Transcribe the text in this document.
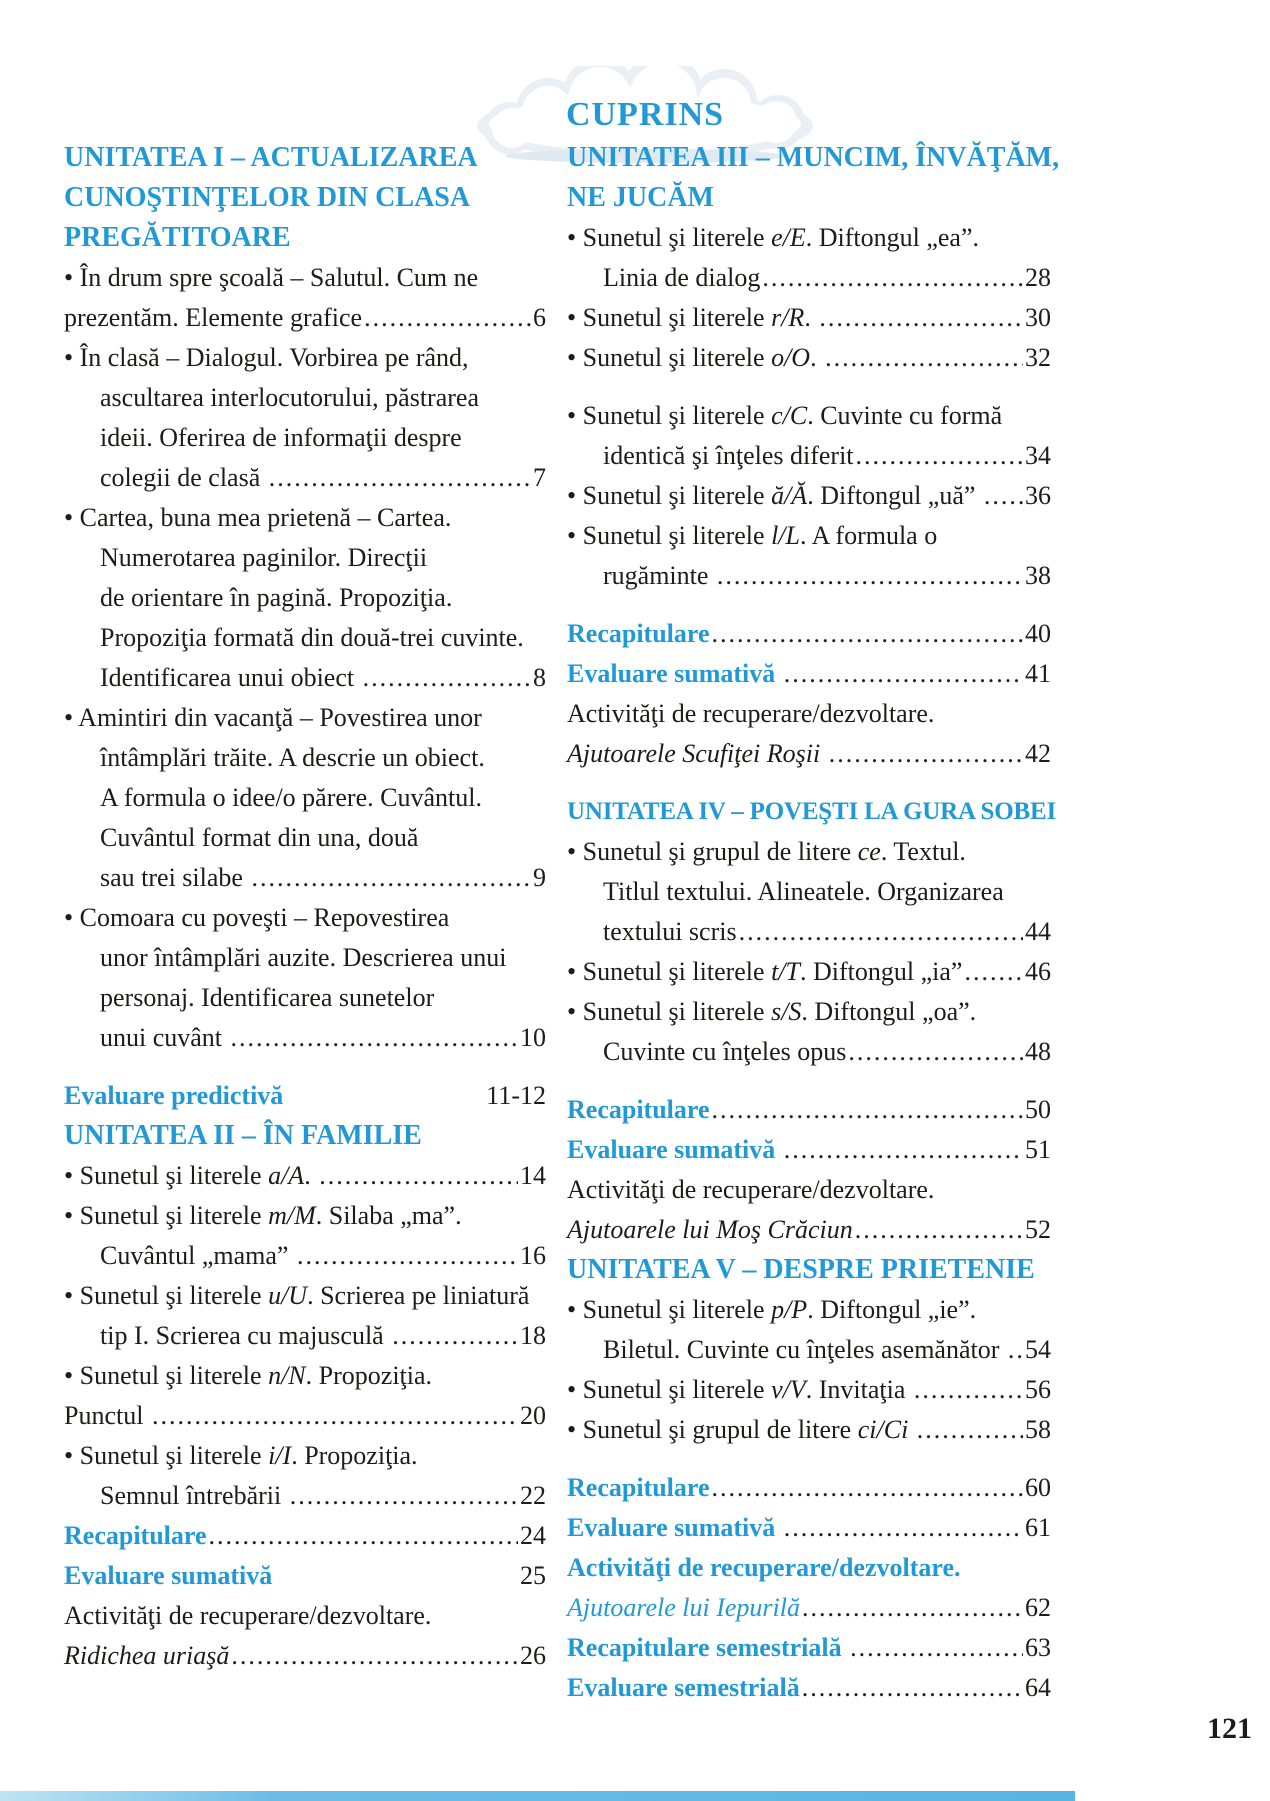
CUPRINS
UNITATEA I – ACTUALIZAREA
CUNOŞTINŢELOR DIN CLASA
PREGĂTITOARE
• În drum spre şcoală – Salutul. Cum ne
prezentăm. Elemente grafice .....	6
• În clasă – Dialogul. Vorbirea pe rând,
ascultarea interlocutorului, păstrarea
ideii. Oferirea de informaţii despre
colegii de clasă .....	7
• Cartea, buna mea prietenă – Cartea.
Numerotarea paginilor. Direcţii
de orientare în pagină. Propoziţia.
Propoziţia formată din două-trei cuvinte.
Identificarea unui obiect .....	8
• Amintiri din vacanţă – Povestirea unor
întâmplări trăite. A descrie un obiect.
A formula o idee/o părere. Cuvântul.
Cuvântul format din una, două
sau trei silabe .....	9
• Comoara cu poveşti – Repovestirea
unor întâmplări auzite. Descrierea unui
personaj. Identificarea sunetelor
unui cuvânt .....	10
Evaluare predictivă	11-12
UNITATEA II – ÎN FAMILIE
• Sunetul şi literele a/A. .....	14
• Sunetul şi literele m/M. Silaba „ma”.
Cuvântul „mama” .....	16
• Sunetul şi literele u/U. Scrierea pe liniatură
tip I. Scrierea cu majusculă .....	18
• Sunetul şi literele n/N. Propoziţia.
Punctul .....	20
• Sunetul şi literele i/I. Propoziţia.
Semnul întrebării .....	22
Recapitulare .....	24
Evaluare sumativă	25
Activităţi de recuperare/dezvoltare.
Ridichea uriaşă .....	26
UNITATEA III – MUNCIM, ÎNVĂŢĂM,
NE JUCĂM
• Sunetul şi literele e/E. Diftongul „ea”.
Linia de dialog .....	28
• Sunetul şi literele r/R. .....	30
• Sunetul şi literele o/O. .....	32
• Sunetul şi literele c/C. Cuvinte cu formă
identică şi înţeles diferit .....	34
• Sunetul şi literele ă/Ă. Diftongul „uă” ..... 36
• Sunetul şi literele l/L. A formula o
rugăminte .....	38
Recapitulare .....	40
Evaluare sumativă .....	41
Activităţi de recuperare/dezvoltare.
Ajutoarele Scufiţei Roşii .....	42
UNITATEA IV – POVEŞTI LA GURA SOBEI
• Sunetul şi grupul de litere ce. Textul.
Titlul textului. Alineatele. Organizarea
textului scris .....	44
• Sunetul şi literele t/T. Diftongul „ia” ..... 46
• Sunetul şi literele s/S. Diftongul „oa”.
Cuvinte cu înţeles opus .....	48
Recapitulare .....	50
Evaluare sumativă .....	51
Activităţi de recuperare/dezvoltare.
Ajutoarele lui Moş Crăciun .....	52
UNITATEA V – DESPRE PRIETENIE
• Sunetul şi literele p/P. Diftongul „ie”.
Biletul. Cuvinte cu înţeles asemănător ..... 54
• Sunetul şi literele v/V. Invitaţia .....	56
• Sunetul şi grupul de litere ci/Ci .....	58
Recapitulare .....	60
Evaluare sumativă .....	61
Activităţi de recuperare/dezvoltare.
Ajutoarele lui Iepurilă .....	62
Recapitulare semestrială .....	63
Evaluare semestrială .....	64
121
